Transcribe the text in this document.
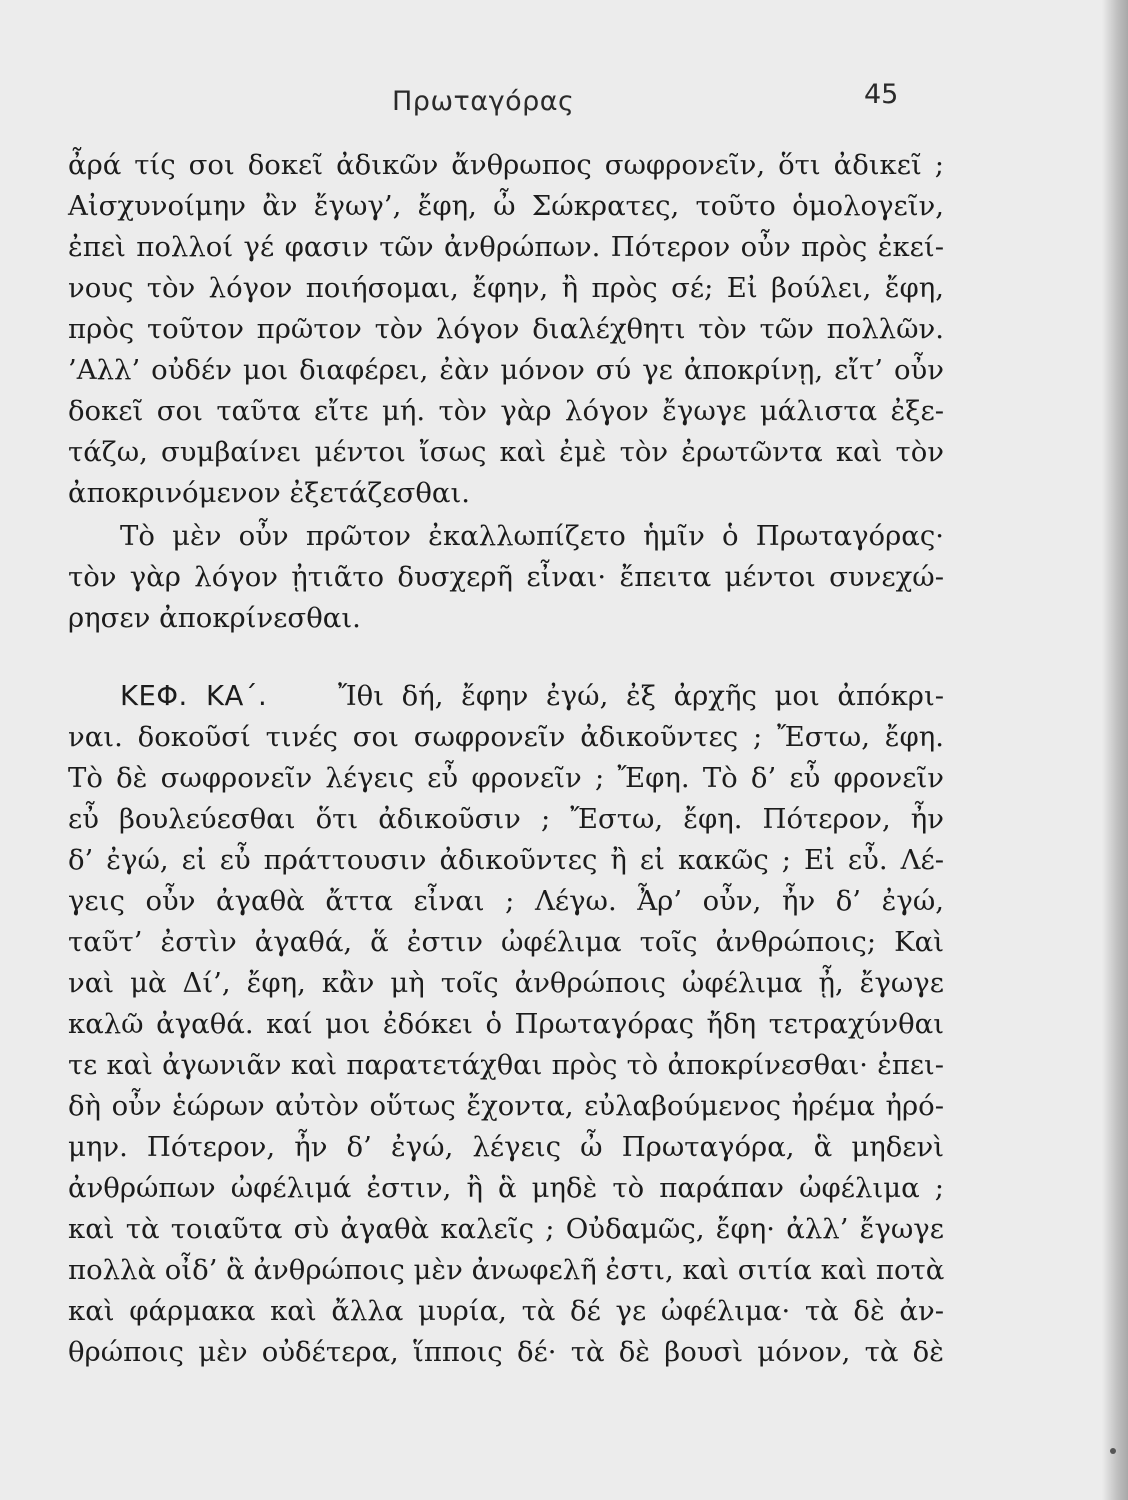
Πρωταγόρας	45
ἆρά τίς σοι δοκεῖ ἀδικῶν ἄνθρωπος σωφρονεῖν, ὅτι ἀδικεῖ ;
Αἰσχυνοίμην ἂν ἔγωγ’, ἔφη, ὦ Σώκρατες, τοῦτο ὁμολογεῖν,
ἐπεὶ πολλοί γέ φασιν τῶν ἀνθρώπων. Πότερον οὖν πρὸς ἐκεί-
νους τὸν λόγον ποιήσομαι, ἔφην, ἢ πρὸς σέ; Εἰ βούλει, ἔφη,
πρὸς τοῦτον πρῶτον τὸν λόγον διαλέχθητι τὸν τῶν πολλῶν.
’Αλλ’ οὐδέν μοι διαφέρει, ἐὰν μόνον σύ γε ἀποκρίνῃ, εἴτ’ οὖν
δοκεῖ σοι ταῦτα εἴτε μή. τὸν γὰρ λόγον ἔγωγε μάλιστα ἐξε-
τάζω, συμβαίνει μέντοι ἴσως καὶ ἐμὲ τὸν ἐρωτῶντα καὶ τὸν
ἀποκρινόμενον ἐξετάζεσθαι.
Τὸ μὲν οὖν πρῶτον ἐκαλλωπίζετο ἡμῖν ὁ Πρωταγόρας·
τὸν γὰρ λόγον ᾐτιᾶτο δυσχερῆ εἶναι· ἔπειτα μέντοι συνεχώ-
ρησεν ἀποκρίνεσθαι.
ΚΕΦ. ΚΑ΄.	Ἴθι δή, ἔφην ἐγώ, ἐξ ἀρχῆς μοι ἀπόκρι-
ναι. δοκοῦσί τινές σοι σωφρονεῖν ἀδικοῦντες ; Ἔστω, ἔφη.
Τὸ δὲ σωφρονεῖν λέγεις εὖ φρονεῖν ; Ἔφη. Τὸ δ’ εὖ φρονεῖν
εὖ βουλεύεσθαι ὅτι ἀδικοῦσιν ; Ἔστω, ἔφη. Πότερον, ἦν
δ’ ἐγώ, εἰ εὖ πράττουσιν ἀδικοῦντες ἢ εἰ κακῶς ; Εἰ εὖ. Λέ-
γεις οὖν ἀγαθὰ ἄττα εἶναι ; Λέγω. Ἆρ’ οὖν, ἦν δ’ ἐγώ,
ταῦτ’ ἐστὶν ἀγαθά, ἅ ἐστιν ὠφέλιμα τοῖς ἀνθρώποις; Καὶ
ναὶ μὰ Δί’, ἔφη, κἂν μὴ τοῖς ἀνθρώποις ὠφέλιμα ᾖ, ἔγωγε
καλῶ ἀγαθά. καί μοι ἐδόκει ὁ Πρωταγόρας ἤδη τετραχύνθαι
τε καὶ ἀγωνιᾶν καὶ παρατετάχθαι πρὸς τὸ ἀποκρίνεσθαι· ἐπει-
δὴ οὖν ἑώρων αὐτὸν οὕτως ἔχοντα, εὐλαβούμενος ἠρέμα ἠρό-
μην. Πότερον, ἦν δ’ ἐγώ, λέγεις ὦ Πρωταγόρα, ἃ μηδενὶ
ἀνθρώπων ὠφέλιμά ἐστιν, ἢ ἃ μηδὲ τὸ παράπαν ὠφέλιμα ;
καὶ τὰ τοιαῦτα σὺ ἀγαθὰ καλεῖς ; Οὐδαμῶς, ἔφη· ἀλλ’ ἔγωγε
πολλὰ οἶδ’ ἃ ἀνθρώποις μὲν ἀνωφελῆ ἐστι, καὶ σιτία καὶ ποτὰ
καὶ φάρμακα καὶ ἄλλα μυρία, τὰ δέ γε ὠφέλιμα· τὰ δὲ ἀν-
θρώποις μὲν οὐδέτερα, ἵπποις δέ· τὰ δὲ βουσὶ μόνον, τὰ δὲ
